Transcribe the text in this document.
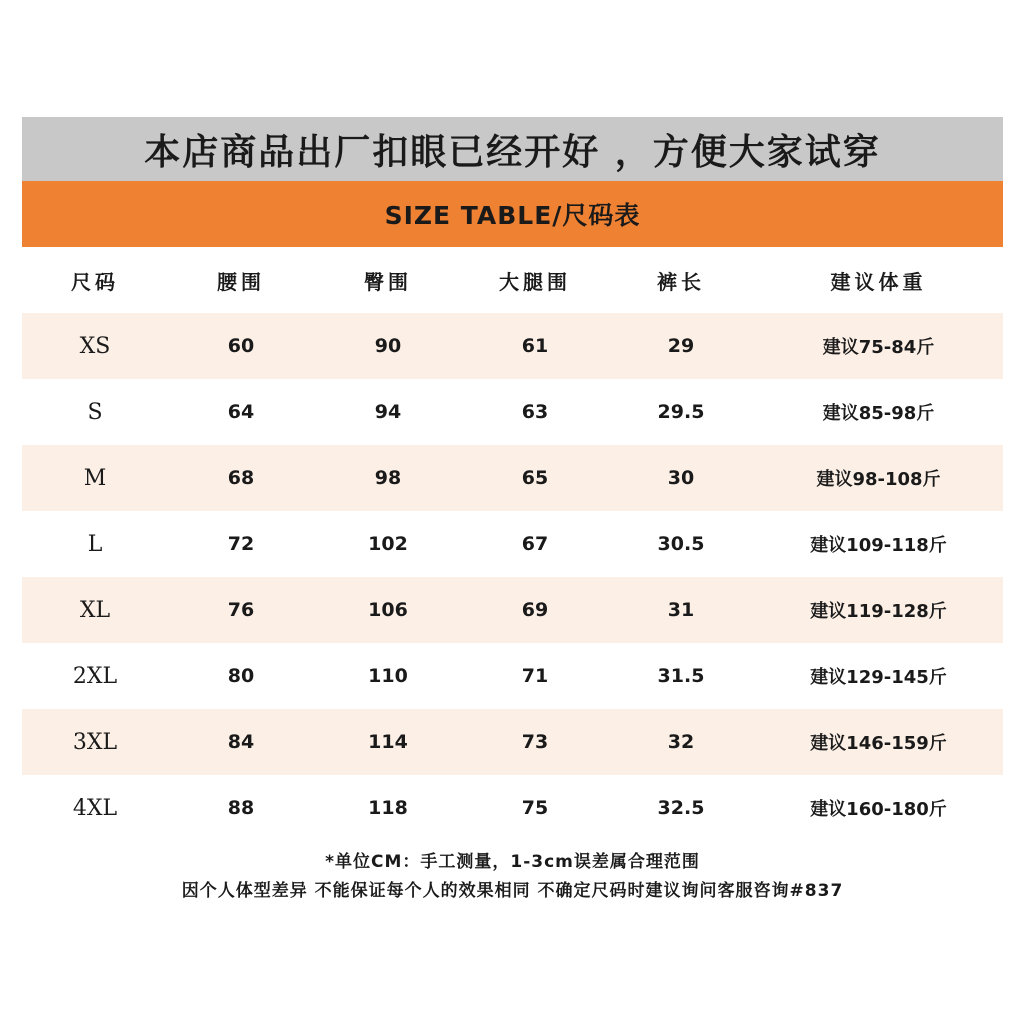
本店商品出厂扣眼已经开好 ，方便大家试穿
SIZE TABLE/尺码表
尺码	腰围	臀围	大腿围	裤长	建议体重
XS	60	90	61	29	建议75-84斤
S	64	94	63	29.5	建议85-98斤
M	68	98	65	30	建议98-108斤
L	72	102	67	30.5	建议109-118斤
XL	76	106	69	31	建议119-128斤
2XL	80	110	71	31.5	建议129-145斤
3XL	84	114	73	32	建议146-159斤
4XL	88	118	75	32.5	建议160-180斤
*单位CM：手工测量，1-3cm误差属合理范围
因个人体型差异 不能保证每个人的效果相同 不确定尺码时建议询问客服咨询#837
